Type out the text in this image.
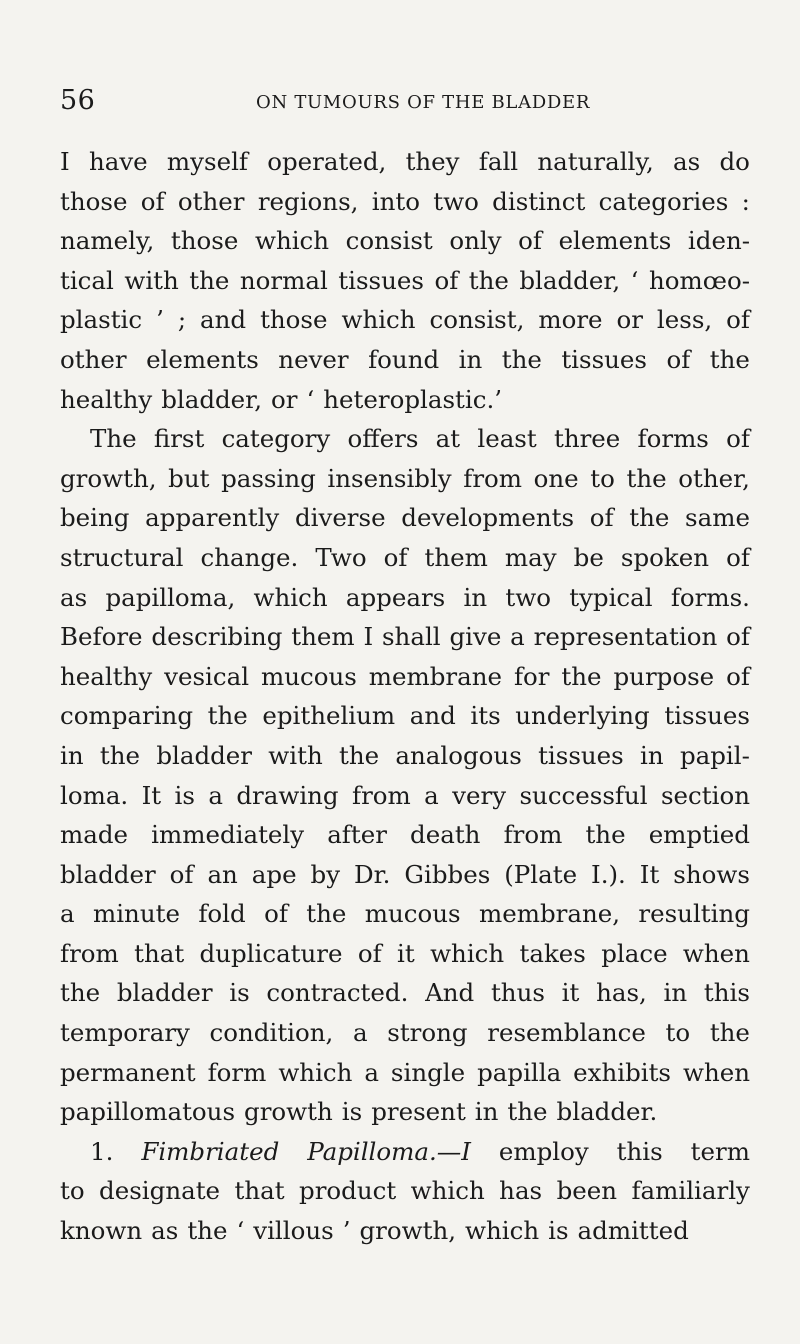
56	ON TUMOURS OF THE BLADDER
I have myself operated, they fall naturally, as do
those of other regions, into two distinct categories :
namely, those which consist only of elements iden-
tical with the normal tissues of the bladder, ‘ homœo-
plastic ’ ; and those which consist, more or less, of
other elements never found in the tissues of the
healthy bladder, or ‘ heteroplastic.’
The first category offers at least three forms of
growth, but passing insensibly from one to the other,
being apparently diverse developments of the same
structural change. Two of them may be spoken of
as papilloma, which appears in two typical forms.
Before describing them I shall give a representation of
healthy vesical mucous membrane for the purpose of
comparing the epithelium and its underlying tissues
in the bladder with the analogous tissues in papil-
loma. It is a drawing from a very successful section
made immediately after death from the emptied
bladder of an ape by Dr. Gibbes (Plate I.). It shows
a minute fold of the mucous membrane, resulting
from that duplicature of it which takes place when
the bladder is contracted. And thus it has, in this
temporary condition, a strong resemblance to the
permanent form which a single papilla exhibits when
papillomatous growth is present in the bladder.
1. Fimbriated Papilloma.—I employ this term
to designate that product which has been familiarly
known as the ‘ villous ’ growth, which is admitted
